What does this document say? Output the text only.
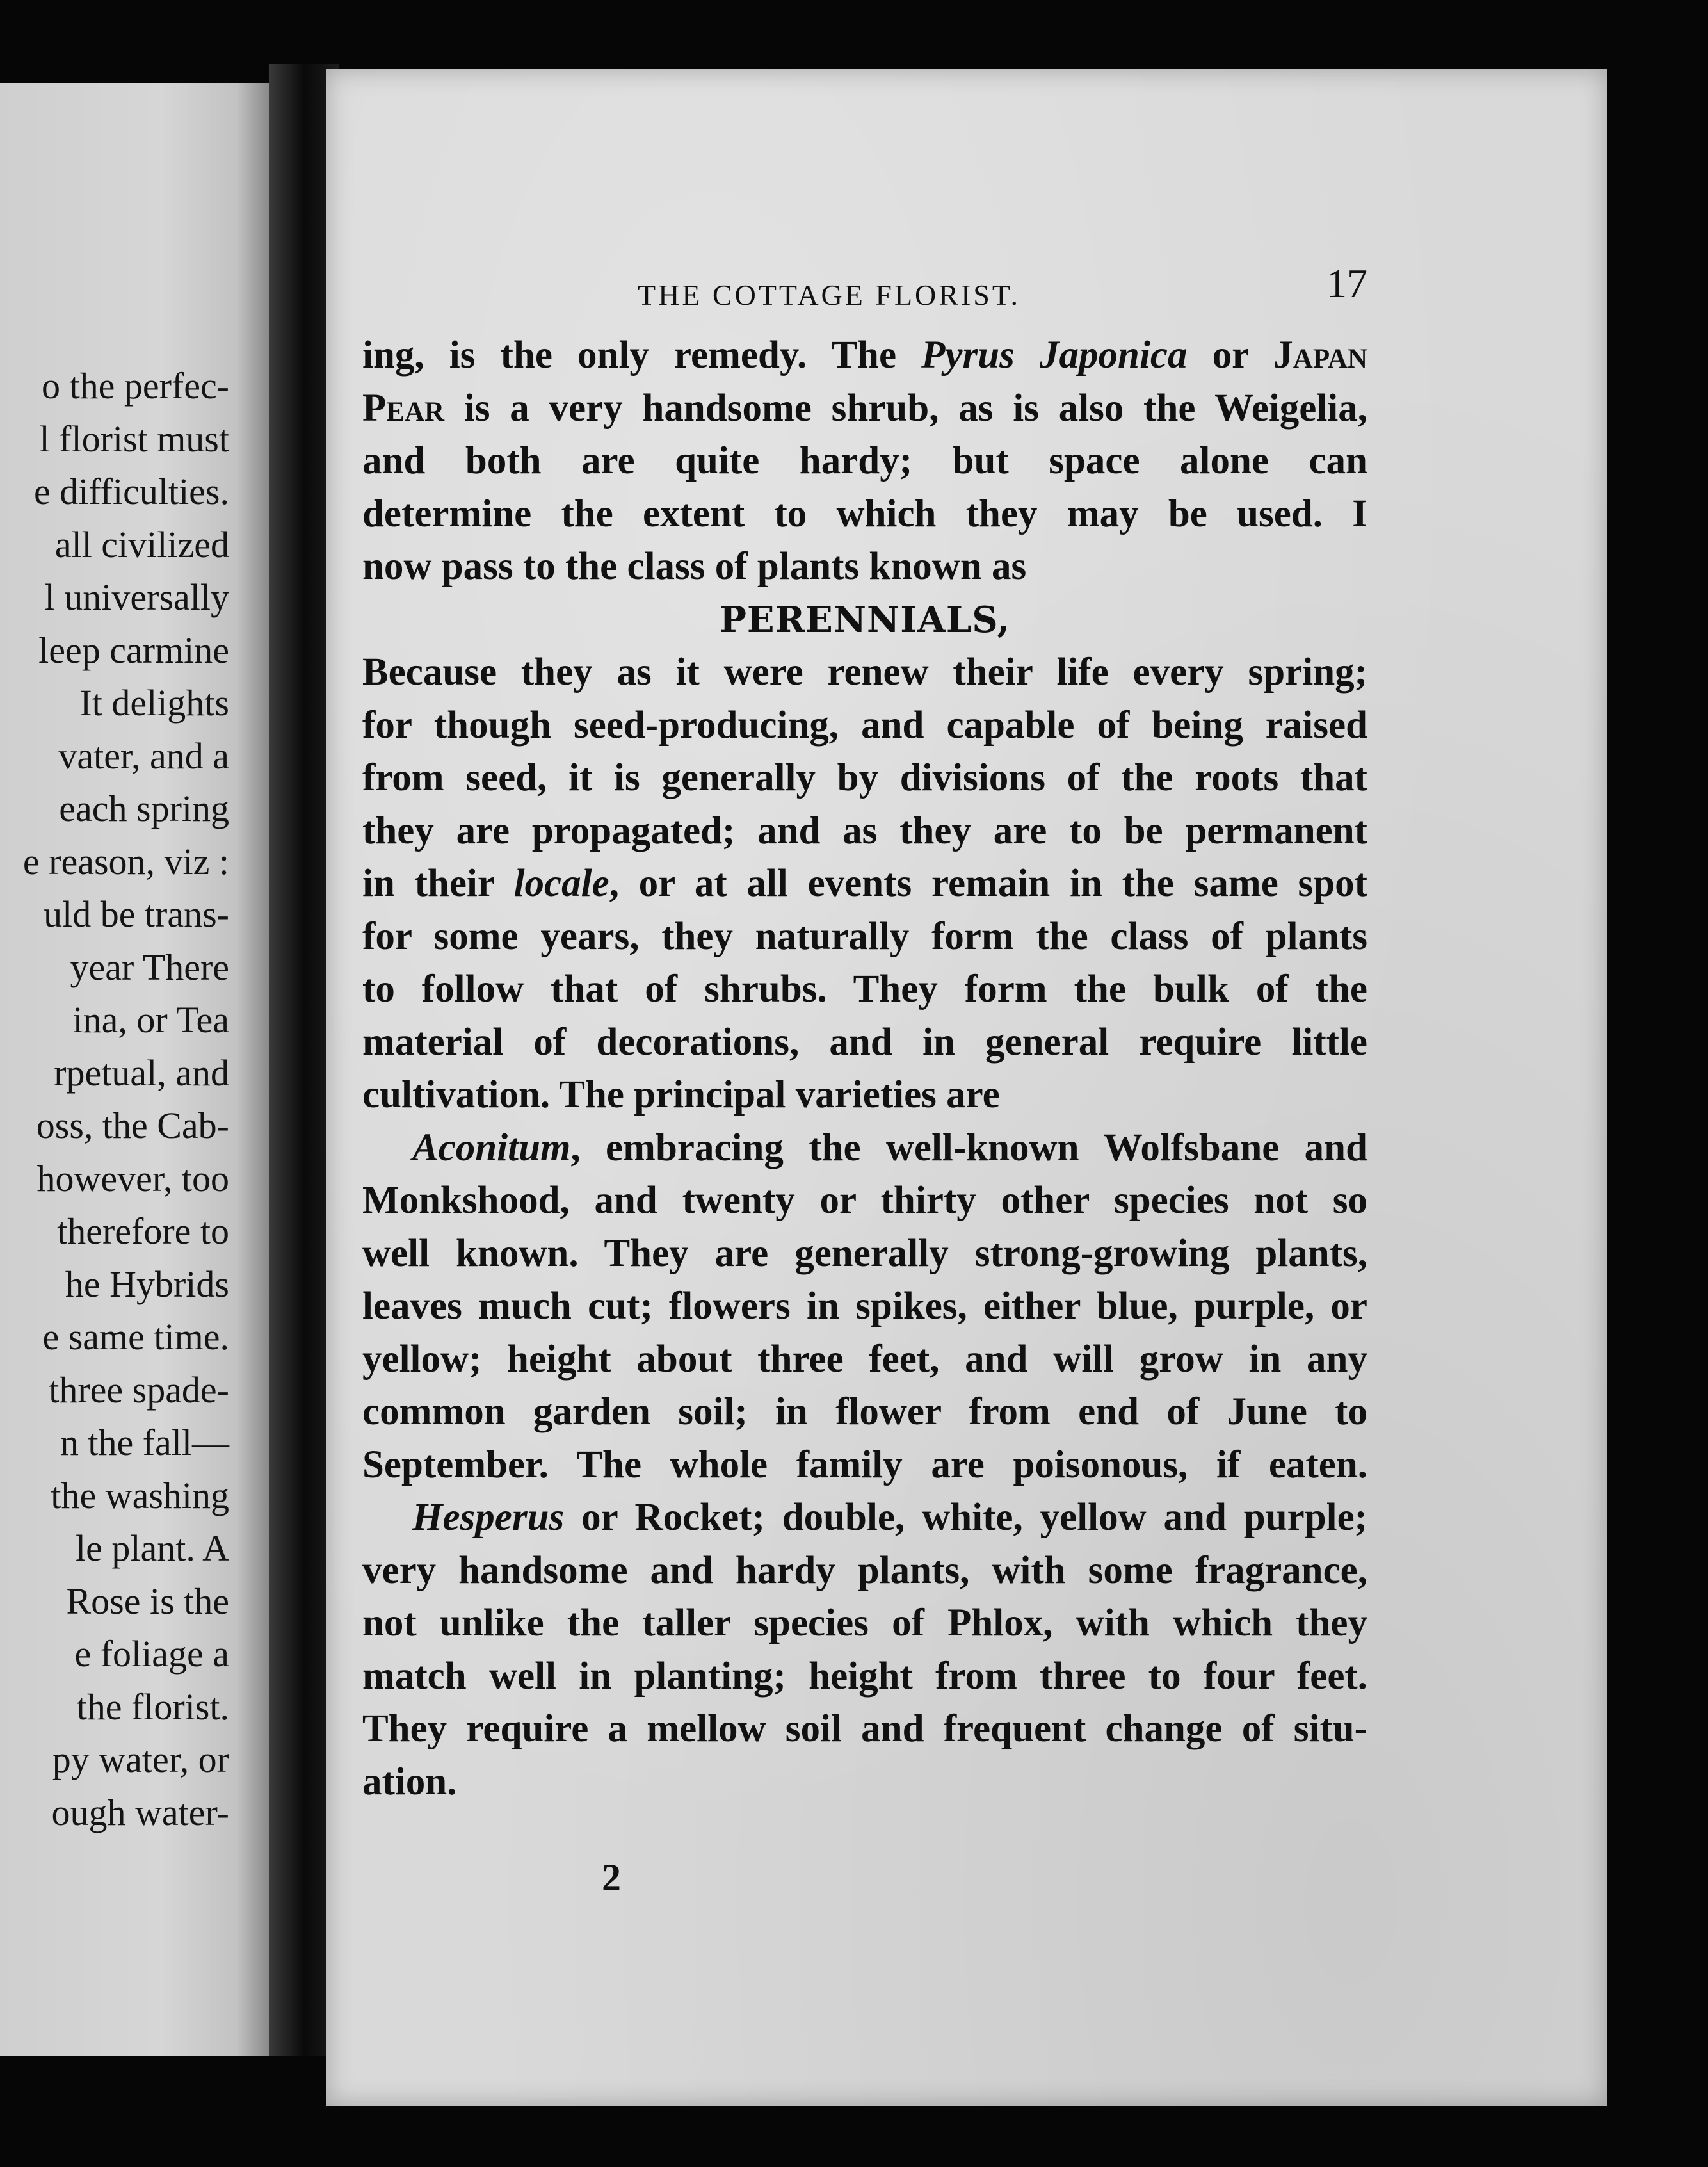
o the perfec-
l florist must
e difficulties.
all civilized
l universally
leep carmine
It delights
vater, and a
each spring
e reason, viz :
uld be trans-
year There
ina, or Tea
rpetual, and
oss, the Cab-
however, too
therefore to
he Hybrids
e same time.
three spade-
n the fall—
the washing
le plant. A
Rose is the
e foliage a
the florist.
py water, or
ough water-
THE COTTAGE FLORIST.	17
ing, is the only remedy. The Pyrus Japonica or Japan
Pear is a very handsome shrub, as is also the Weigelia,
and both are quite hardy; but space alone can
determine the extent to which they may be used. I
now pass to the class of plants known as
PERENNIALS,
Because they as it were renew their life every spring;
for though seed-producing, and capable of being raised
from seed, it is generally by divisions of the roots that
they are propagated; and as they are to be permanent
in their locale, or at all events remain in the same spot
for some years, they naturally form the class of plants
to follow that of shrubs. They form the bulk of the
material of decorations, and in general require little
cultivation. The principal varieties are
Aconitum, embracing the well-known Wolfsbane and
Monkshood, and twenty or thirty other species not so
well known. They are generally strong-growing plants,
leaves much cut; flowers in spikes, either blue, purple, or
yellow; height about three feet, and will grow in any
common garden soil; in flower from end of June to
September. The whole family are poisonous, if eaten.
Hesperus or Rocket; double, white, yellow and purple;
very handsome and hardy plants, with some fragrance,
not unlike the taller species of Phlox, with which they
match well in planting; height from three to four feet.
They require a mellow soil and frequent change of situ-
ation.
2
